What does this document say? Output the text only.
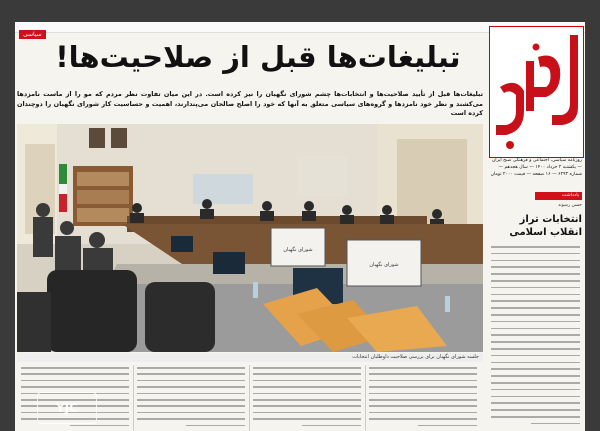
سیاسی
تبلیغات‌ها قبل از صلاحیت‌ها!
تبلیغات‌ها قبل از تأیید صلاحیت‌ها و انتخابات‌ها چشم شورای نگهبان را نیز کرده است. در این میان تفاوت نظر مردم که مو را از ماست نامزدها می‌کشند و نظر خود نامزدها و گروه‌های سیاسی متعلق به آنها که خود را اصلح صالحان می‌پندارند، اهمیت و حساسیت کار شورای نگهبان را دوچندان کرده است
شورای نگهبان
شورای نگهبان
جلسه شورای نگهبان برای بررسی صلاحیت داوطلبان انتخابات
YJC
روزنامه سیاسی، اجتماعی و فرهنگی صبح ایران — یکشنبه ۲ خرداد ۱۴۰۰ — سال هجدهم — شماره ۶۲۹۳ — ۱۶ صفحه — قیمت ۲۰۰۰ تومان
یادداشت
حسن رشوند
انتخابات تراز انقلاب اسلامی
